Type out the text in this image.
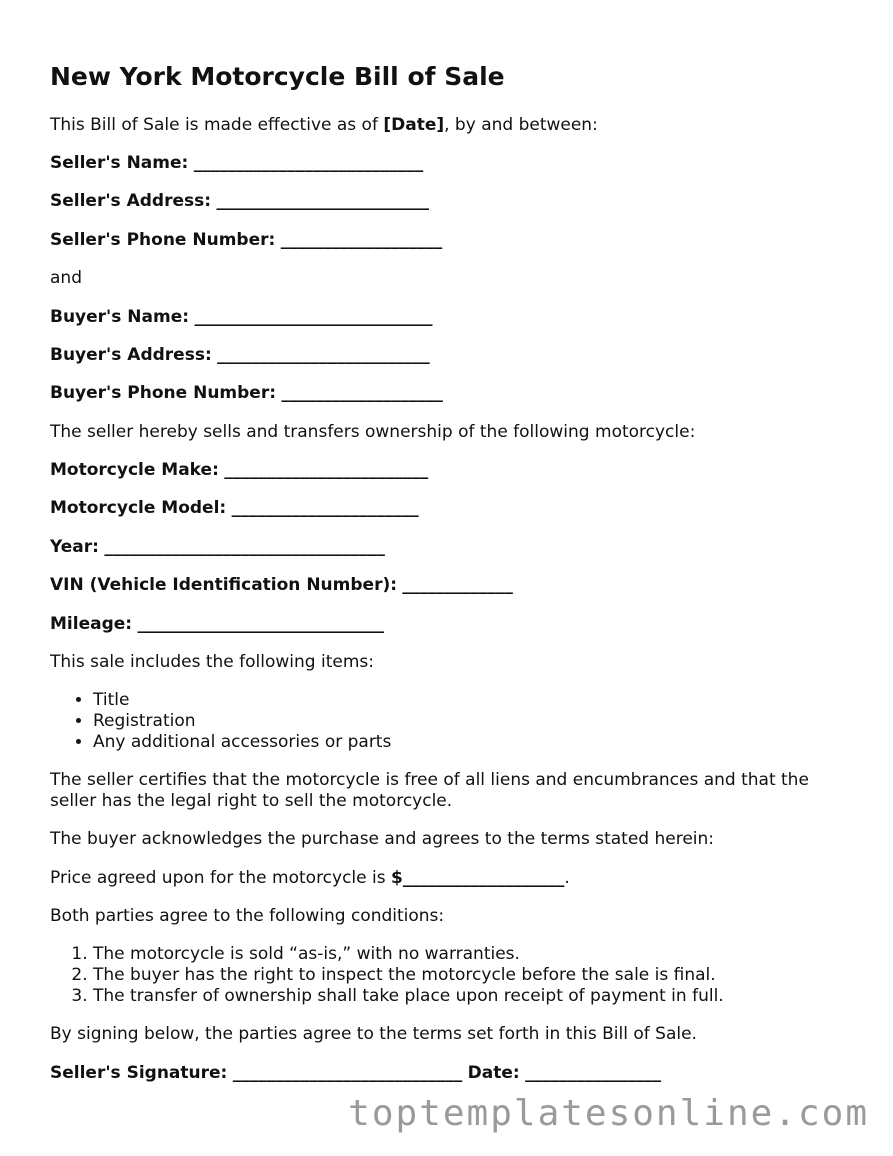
New York Motorcycle Bill of Sale

This Bill of Sale is made effective as of [Date], by and between:

Seller's Name: ___________________________

Seller's Address: _________________________

Seller's Phone Number: ___________________

and

Buyer's Name: ____________________________

Buyer's Address: _________________________

Buyer's Phone Number: ___________________

The seller hereby sells and transfers ownership of the following motorcycle:

Motorcycle Make: ________________________

Motorcycle Model: ______________________

Year: _________________________________

VIN (Vehicle Identification Number): _____________

Mileage: _____________________________

This sale includes the following items:

• Title
• Registration
• Any additional accessories or parts

The seller certifies that the motorcycle is free of all liens and encumbrances and that the seller has the legal right to sell the motorcycle.

The buyer acknowledges the purchase and agrees to the terms stated herein:

Price agreed upon for the motorcycle is $___________________.

Both parties agree to the following conditions:

1. The motorcycle is sold “as-is,” with no warranties.
2. The buyer has the right to inspect the motorcycle before the sale is final.
3. The transfer of ownership shall take place upon receipt of payment in full.

By signing below, the parties agree to the terms set forth in this Bill of Sale.

Seller's Signature: ___________________________ Date: ________________

toptemplatesonline.com
